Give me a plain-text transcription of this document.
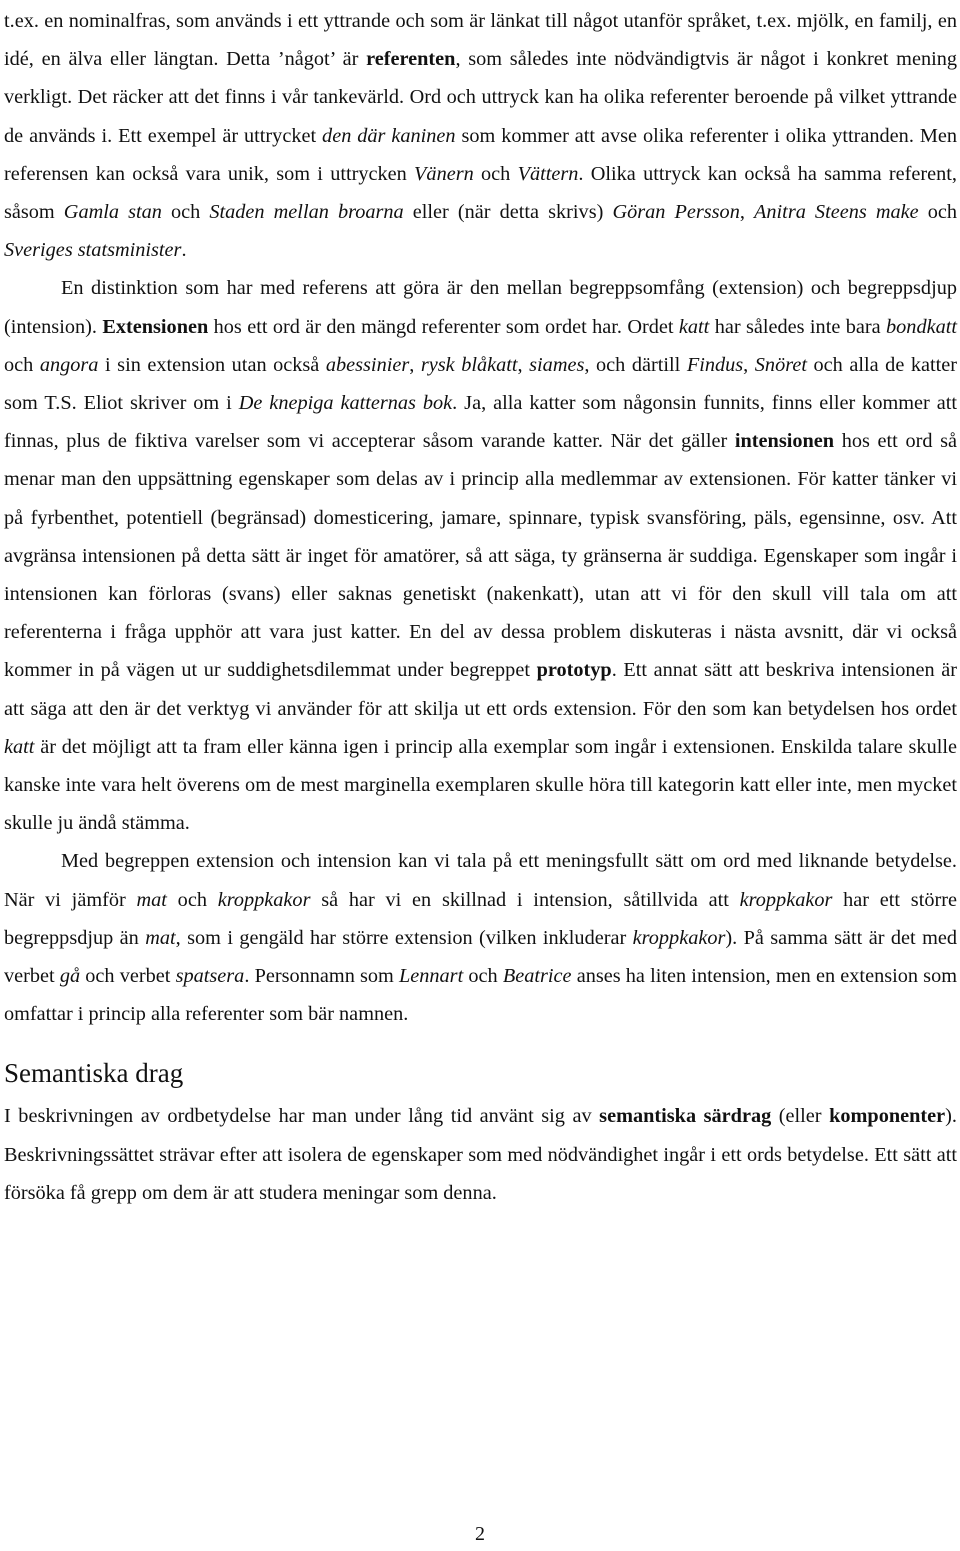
t.ex. en nominalfras, som används i ett yttrande och som är länkat till något utanför språket, t.ex. mjölk, en familj, en idé, en älva eller längtan. Detta ’något’ är referenten, som således inte nödvändigtvis är något i konkret mening verkligt. Det räcker att det finns i vår tankevärld. Ord och uttryck kan ha olika referenter beroende på vilket yttrande de används i. Ett exempel är uttrycket den där kaninen som kommer att avse olika referenter i olika yttranden. Men referensen kan också vara unik, som i uttrycken Vänern och Vättern. Olika uttryck kan också ha samma referent, såsom Gamla stan och Staden mellan broarna eller (när detta skrivs) Göran Persson, Anitra Steens make och Sveriges statsminister.

En distinktion som har med referens att göra är den mellan begreppsomfång (extension) och begreppsdjup (intension). Extensionen hos ett ord är den mängd referenter som ordet har. Ordet katt har således inte bara bondkatt och angora i sin extension utan också abessinier, rysk blåkatt, siames, och därtill Findus, Snöret och alla de katter som T.S. Eliot skriver om i De knepiga katternas bok. Ja, alla katter som någonsin funnits, finns eller kommer att finnas, plus de fiktiva varelser som vi accepterar såsom varande katter. När det gäller intensionen hos ett ord så menar man den uppsättning egenskaper som delas av i princip alla medlemmar av extensionen. För katter tänker vi på fyrbenthet, potentiell (begränsad) domesticering, jamare, spinnare, typisk svansföring, päls, egensinne, osv. Att avgränsa intensionen på detta sätt är inget för amatörer, så att säga, ty gränserna är suddiga. Egenskaper som ingår i intensionen kan förloras (svans) eller saknas genetiskt (nakenkatt), utan att vi för den skull vill tala om att referenterna i fråga upphör att vara just katter. En del av dessa problem diskuteras i nästa avsnitt, där vi också kommer in på vägen ut ur suddighetsdilemmat under begreppet prototyp. Ett annat sätt att beskriva intensionen är att säga att den är det verktyg vi använder för att skilja ut ett ords extension. För den som kan betydelsen hos ordet katt är det möjligt att ta fram eller känna igen i princip alla exemplar som ingår i extensionen. Enskilda talare skulle kanske inte vara helt överens om de mest marginella exemplaren skulle höra till kategorin katt eller inte, men mycket skulle ju ändå stämma.

Med begreppen extension och intension kan vi tala på ett meningsfullt sätt om ord med liknande betydelse. När vi jämför mat och kroppkakor så har vi en skillnad i intension, såtillvida att kroppkakor har ett större begreppsdjup än mat, som i gengäld har större extension (vilken inkluderar kroppkakor). På samma sätt är det med verbet gå och verbet spatsera. Personnamn som Lennart och Beatrice anses ha liten intension, men en extension som omfattar i princip alla referenter som bär namnen.

Semantiska drag

I beskrivningen av ordbetydelse har man under lång tid använt sig av semantiska särdrag (eller komponenter). Beskrivningssättet strävar efter att isolera de egenskaper som med nödvändighet ingår i ett ords betydelse. Ett sätt att försöka få grepp om dem är att studera meningar som denna.

2
